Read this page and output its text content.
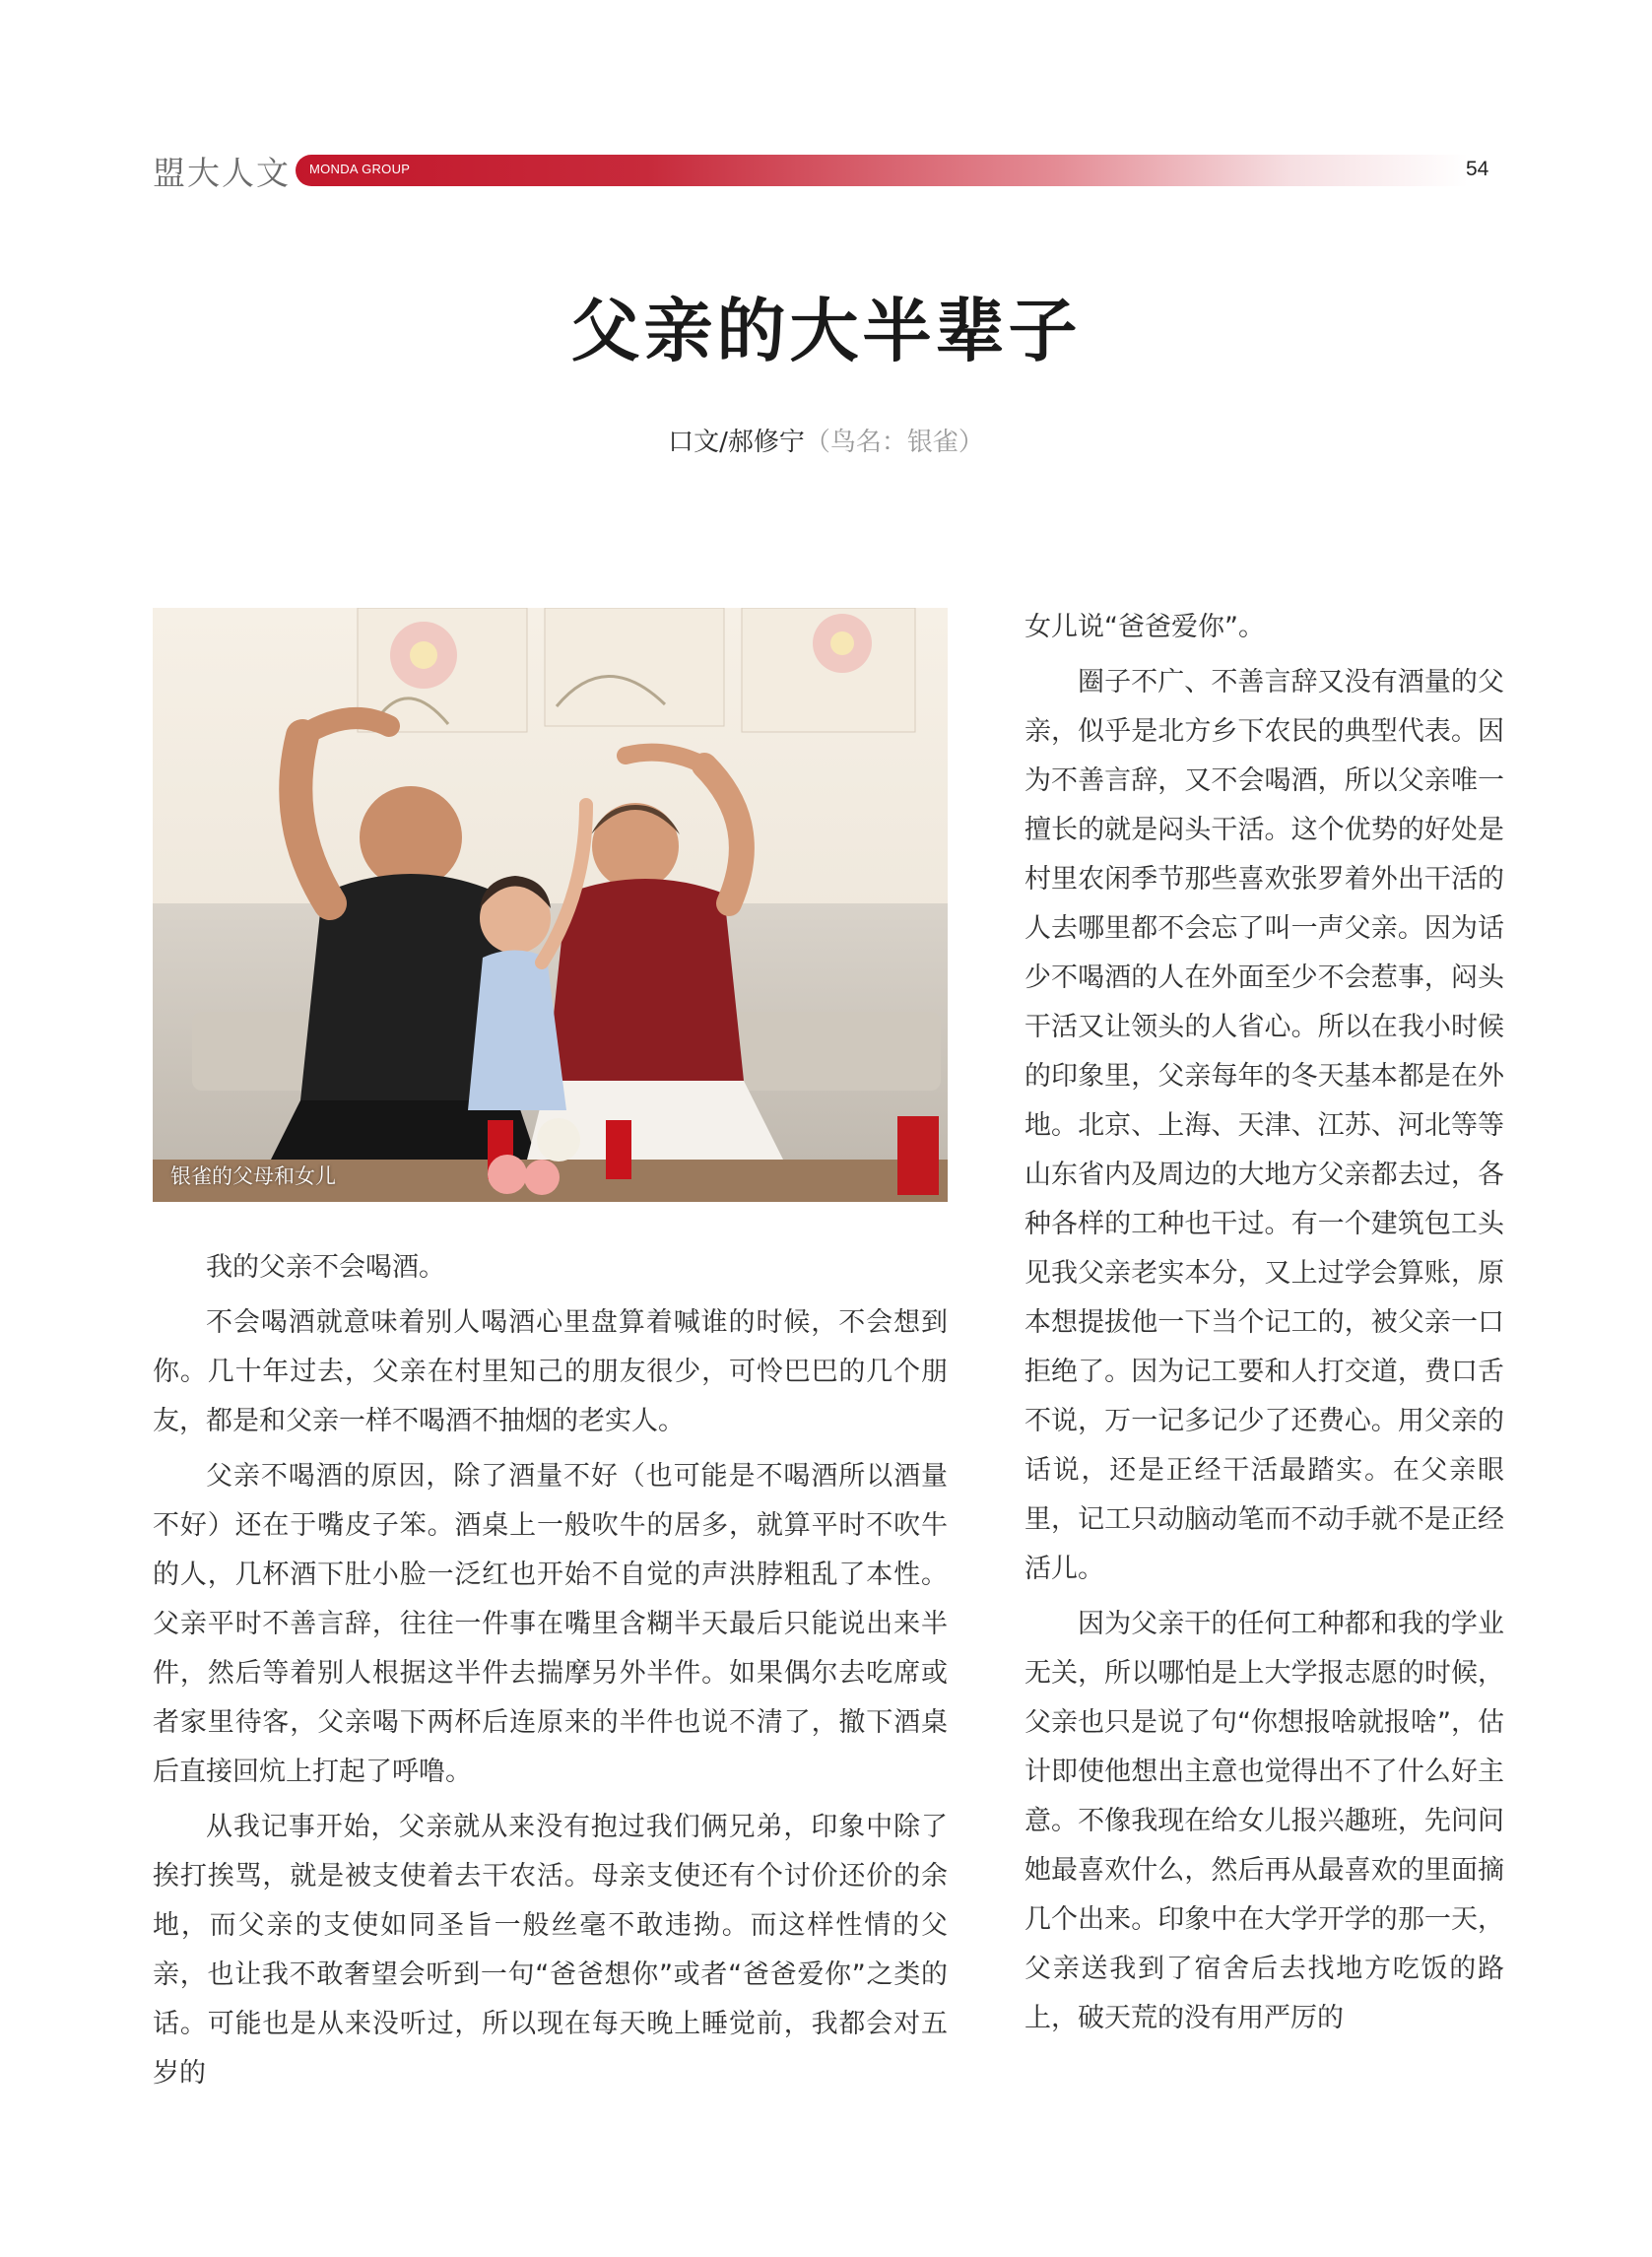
盟大人文 MONDA GROUP	54
父亲的大半辈子
口文/郝修宁（鸟名：银雀）
银雀的父母和女儿

我的父亲不会喝酒。

不会喝酒就意味着别人喝酒心里盘算着喊谁的时候，不会想到你。几十年过去，父亲在村里知己的朋友很少，可怜巴巴的几个朋友，都是和父亲一样不喝酒不抽烟的老实人。

父亲不喝酒的原因，除了酒量不好（也可能是不喝酒所以酒量不好）还在于嘴皮子笨。酒桌上一般吹牛的居多，就算平时不吹牛的人，几杯酒下肚小脸一泛红也开始不自觉的声洪脖粗乱了本性。父亲平时不善言辞，往往一件事在嘴里含糊半天最后只能说出来半件，然后等着别人根据这半件去揣摩另外半件。如果偶尔去吃席或者家里待客，父亲喝下两杯后连原来的半件也说不清了，撤下酒桌后直接回炕上打起了呼噜。

从我记事开始，父亲就从来没有抱过我们俩兄弟，印象中除了挨打挨骂，就是被支使着去干农活。母亲支使还有个讨价还价的余地，而父亲的支使如同圣旨一般丝毫不敢违拗。而这样性情的父亲，也让我不敢奢望会听到一句“爸爸想你”或者“爸爸爱你”之类的话。可能也是从来没听过，所以现在每天晚上睡觉前，我都会对五岁的

女儿说“爸爸爱你”。

圈子不广、不善言辞又没有酒量的父亲，似乎是北方乡下农民的典型代表。因为不善言辞，又不会喝酒，所以父亲唯一擅长的就是闷头干活。这个优势的好处是村里农闲季节那些喜欢张罗着外出干活的人去哪里都不会忘了叫一声父亲。因为话少不喝酒的人在外面至少不会惹事，闷头干活又让领头的人省心。所以在我小时候的印象里，父亲每年的冬天基本都是在外地。北京、上海、天津、江苏、河北等等山东省内及周边的大地方父亲都去过，各种各样的工种也干过。有一个建筑包工头见我父亲老实本分，又上过学会算账，原本想提拔他一下当个记工的，被父亲一口拒绝了。因为记工要和人打交道，费口舌不说，万一记多记少了还费心。用父亲的话说，还是正经干活最踏实。在父亲眼里，记工只动脑动笔而不动手就不是正经活儿。

因为父亲干的任何工种都和我的学业无关，所以哪怕是上大学报志愿的时候，父亲也只是说了句“你想报啥就报啥”，估计即使他想出主意也觉得出不了什么好主意。不像我现在给女儿报兴趣班，先问问她最喜欢什么，然后再从最喜欢的里面摘几个出来。印象中在大学开学的那一天，父亲送我到了宿舍后去找地方吃饭的路上，破天荒的没有用严厉的
